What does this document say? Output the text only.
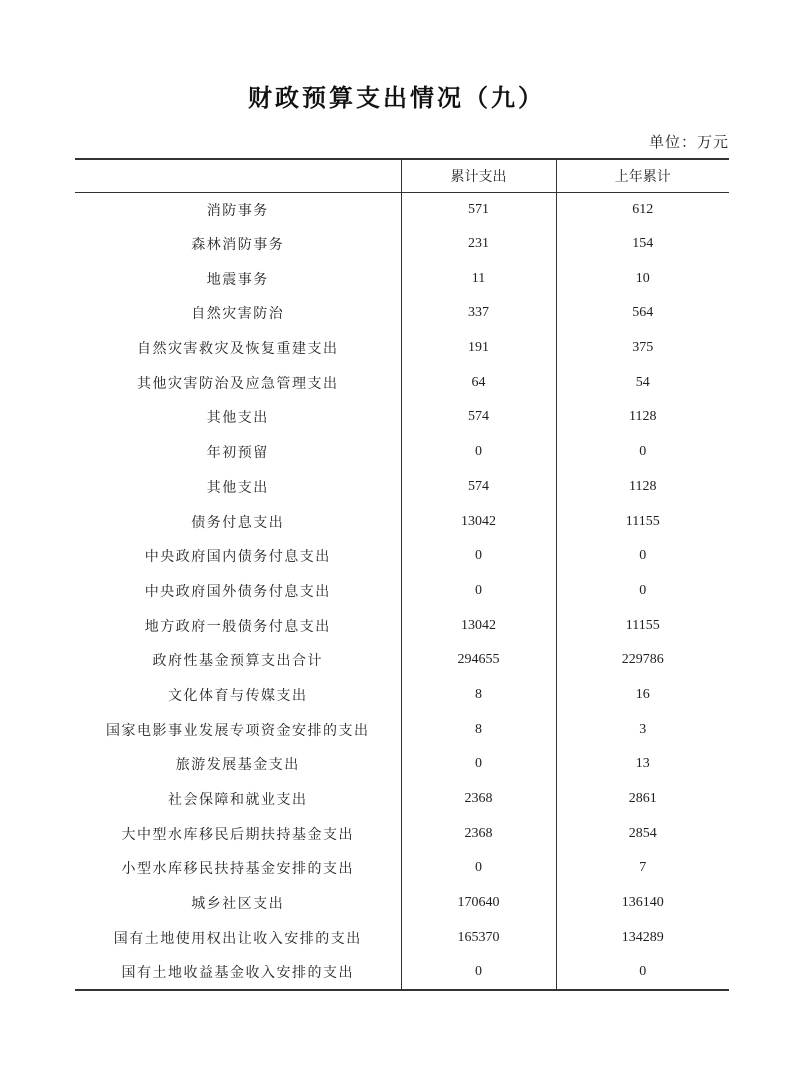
财政预算支出情况（九）
单位：万元
	累计支出	上年累计
消防事务	571	612
森林消防事务	231	154
地震事务	11	10
自然灾害防治	337	564
自然灾害救灾及恢复重建支出	191	375
其他灾害防治及应急管理支出	64	54
其他支出	574	1128
年初预留	0	0
其他支出	574	1128
债务付息支出	13042	11155
中央政府国内债务付息支出	0	0
中央政府国外债务付息支出	0	0
地方政府一般债务付息支出	13042	11155
政府性基金预算支出合计	294655	229786
文化体育与传媒支出	8	16
国家电影事业发展专项资金安排的支出	8	3
旅游发展基金支出	0	13
社会保障和就业支出	2368	2861
大中型水库移民后期扶持基金支出	2368	2854
小型水库移民扶持基金安排的支出	0	7
城乡社区支出	170640	136140
国有土地使用权出让收入安排的支出	165370	134289
国有土地收益基金收入安排的支出	0	0
